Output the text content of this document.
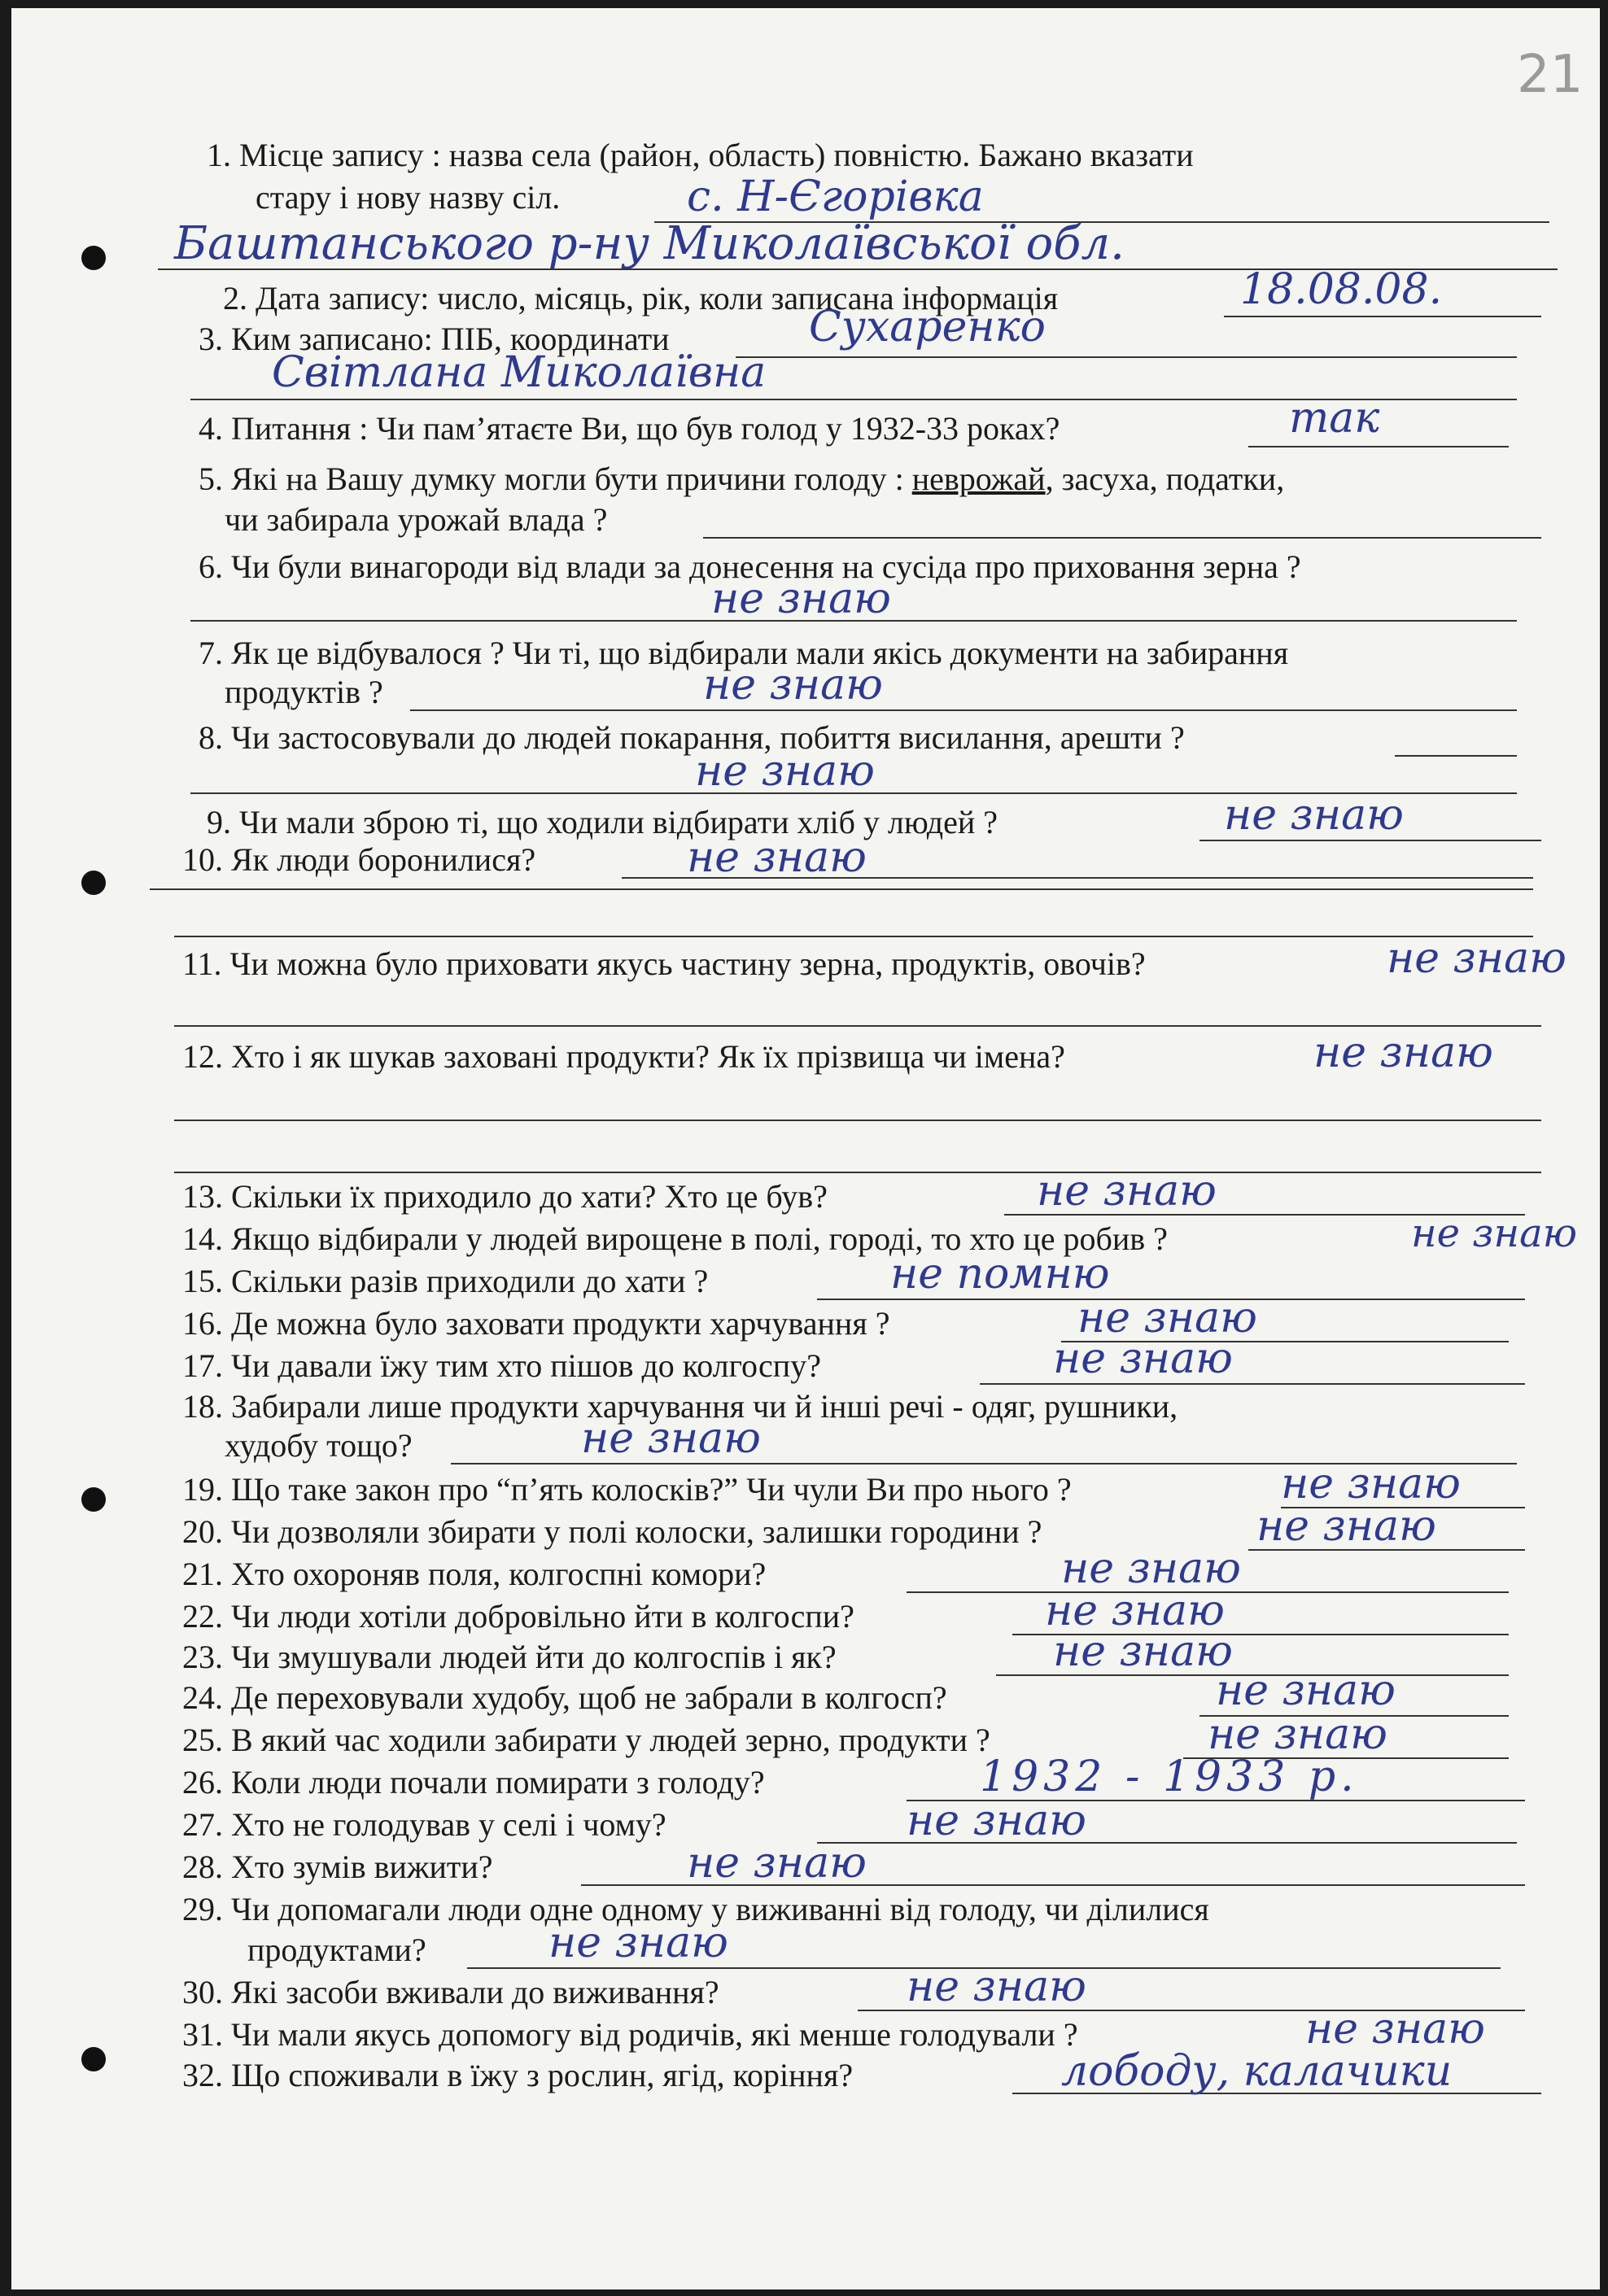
21
1. Місце запису : назва села (район, область) повністю. Бажано вказати
стару і нову назву сіл.	с. Н-Єгорівка
Баштанського р-ну Миколаївської обл.
2. Дата запису: число, місяць, рік, коли записана інформація	18.08.08.
3. Ким записано: ПІБ, координати	Сухаренко
Світлана Миколаївна
4. Питання : Чи пам’ятаєте Ви, що був голод у 1932-33 роках?	так
5. Які на Вашу думку могли бути причини голоду : неврожай, засуха, податки,
чи забирала урожай влада ?
6. Чи були винагороди від влади за донесення на сусіда про приховання зерна ?
не знаю
7. Як це відбувалося ? Чи ті, що відбирали мали якісь документи на забирання
продуктів ?	не знаю
8. Чи застосовували до людей покарання, побиття висилання, арешти ?
не знаю
9. Чи мали зброю ті, що ходили відбирати хліб у людей ?	не знаю
10. Як люди боронилися?	не знаю
11. Чи можна було приховати якусь частину зерна, продуктів, овочів?	не знаю
12. Хто і як шукав заховані продукти? Як їх прізвища чи імена?	не знаю
13. Скільки їх приходило до хати? Хто це був?	не знаю
14. Якщо відбирали у людей вирощене в полі, городі, то хто це робив ?	не знаю
15. Скільки разів приходили до хати ?	не помню
16. Де можна було заховати продукти харчування ?	не знаю
17. Чи давали їжу тим хто пішов до колгоспу?	не знаю
18. Забирали лише продукти харчування чи й інші речі - одяг, рушники,
худобу тощо?	не знаю
19. Що таке закон про “п’ять колосків?” Чи чули Ви про нього ?	не знаю
20. Чи дозволяли збирати у полі колоски, залишки городини ?	не знаю
21. Хто охороняв поля, колгоспні комори?	не знаю
22. Чи люди хотіли добровільно йти в колгоспи?	не знаю
23. Чи змушували людей йти до колгоспів і як?	не знаю
24. Де переховували худобу, щоб не забрали в колгосп?	не знаю
25. В який час ходили забирати у людей зерно, продукти ?	не знаю
26. Коли люди почали помирати з голоду?	1932 - 1933 р.
27. Хто не голодував у селі і чому?	не знаю
28. Хто зумів вижити?	не знаю
29. Чи допомагали люди одне одному у виживанні від голоду, чи ділилися
продуктами?	не знаю
30. Які засоби вживали до виживання?	не знаю
31. Чи мали якусь допомогу від родичів, які менше голодували ?	не знаю
32. Що споживали в їжу з рослин, ягід, коріння?	лободу, калачики
